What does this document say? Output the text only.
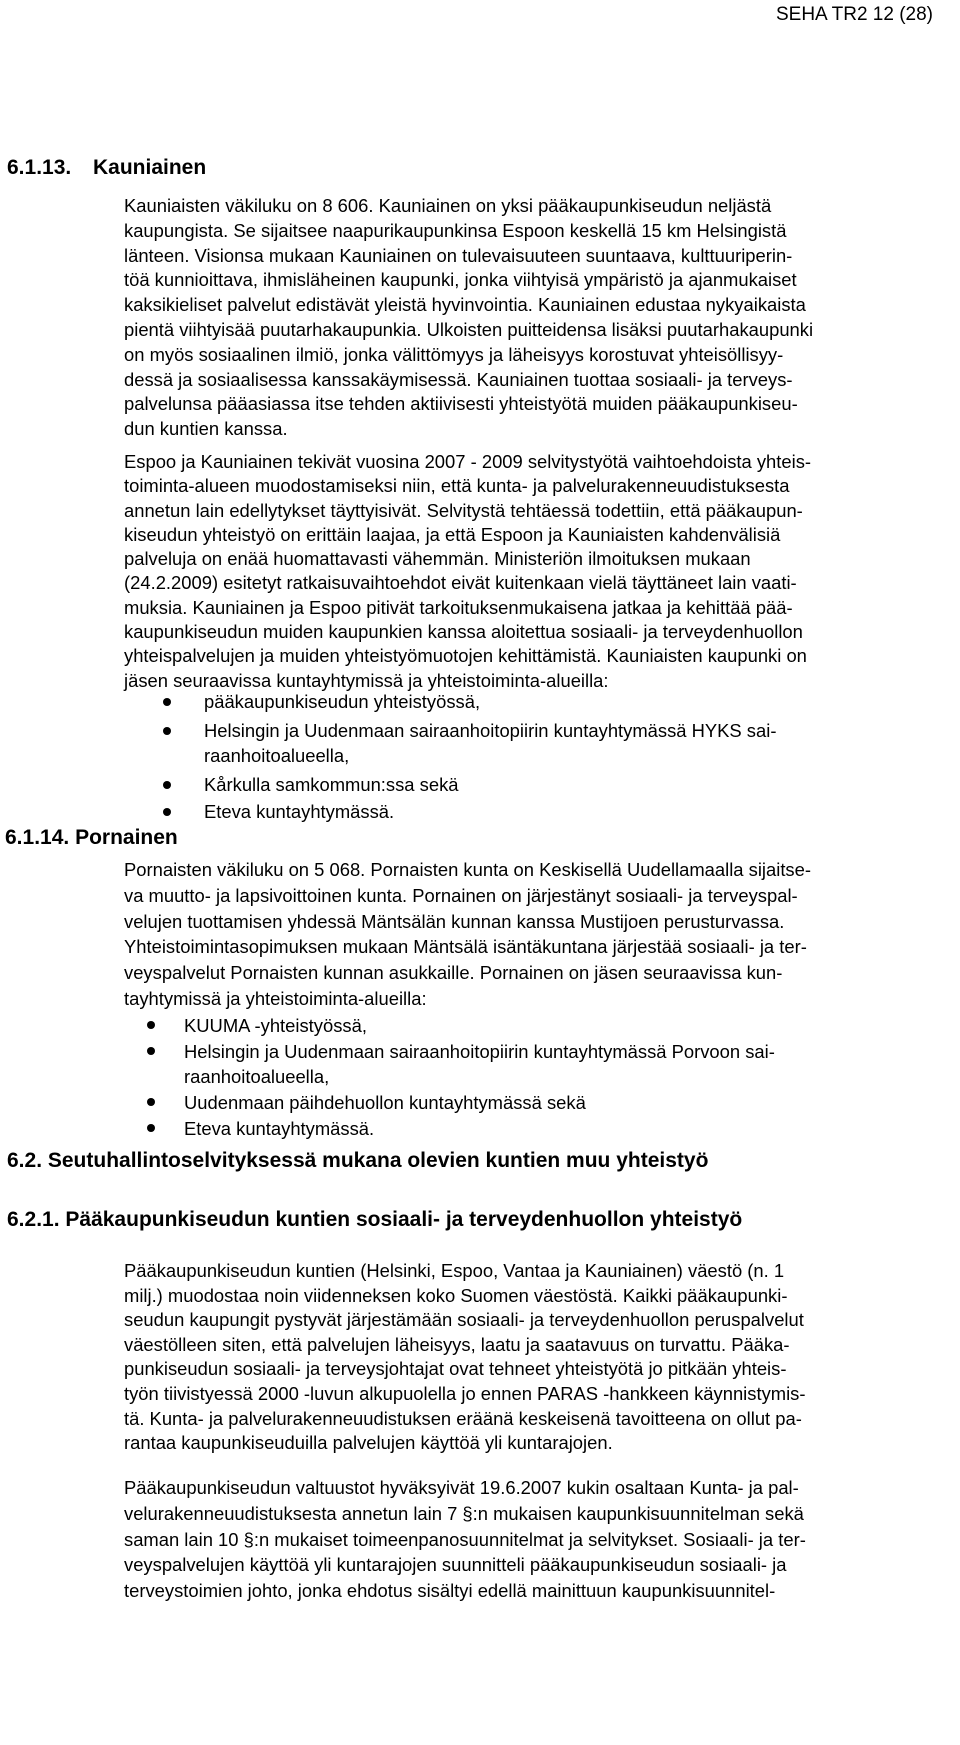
SEHA TR2 12 (28)
6.1.13. Kauniainen
Kauniaisten väkiluku on 8 606. Kauniainen on yksi pääkaupunkiseudun neljästä
kaupungista. Se sijaitsee naapurikaupunkinsa Espoon keskellä 15 km Helsingistä
länteen. Visionsa mukaan Kauniainen on tulevaisuuteen suuntaava, kulttuuriperin-
töä kunnioittava, ihmisläheinen kaupunki, jonka viihtyisä ympäristö ja ajanmukaiset
kaksikieliset palvelut edistävät yleistä hyvinvointia. Kauniainen edustaa nykyaikaista
pientä viihtyisää puutarhakaupunkia. Ulkoisten puitteidensa lisäksi puutarhakaupunki
on myös sosiaalinen ilmiö, jonka välittömyys ja läheisyys korostuvat yhteisöllisyy-
dessä ja sosiaalisessa kanssakäymisessä. Kauniainen tuottaa sosiaali- ja terveys-
palvelunsa pääasiassa itse tehden aktiivisesti yhteistyötä muiden pääkaupunkiseu-
dun kuntien kanssa.
Espoo ja Kauniainen tekivät vuosina 2007 - 2009 selvitystyötä vaihtoehdoista yhteis-
toiminta-alueen muodostamiseksi niin, että kunta- ja palvelurakenneuudistuksesta
annetun lain edellytykset täyttyisivät. Selvitystä tehtäessä todettiin, että pääkaupun-
kiseudun yhteistyö on erittäin laajaa, ja että Espoon ja Kauniaisten kahdenvälisiä
palveluja on enää huomattavasti vähemmän. Ministeriön ilmoituksen mukaan
(24.2.2009) esitetyt ratkaisuvaihtoehdot eivät kuitenkaan vielä täyttäneet lain vaati-
muksia. Kauniainen ja Espoo pitivät tarkoituksenmukaisena jatkaa ja kehittää pää-
kaupunkiseudun muiden kaupunkien kanssa aloitettua sosiaali- ja terveydenhuollon
yhteispalvelujen ja muiden yhteistyömuotojen kehittämistä. Kauniaisten kaupunki on
jäsen seuraavissa kuntayhtymissä ja yhteistoiminta-alueilla:
pääkaupunkiseudun yhteistyössä,
Helsingin ja Uudenmaan sairaanhoitopiirin kuntayhtymässä HYKS sai-
raanhoitoalueella,
Kårkulla samkommun:ssa sekä
Eteva kuntayhtymässä.
6.1.14. Pornainen
Pornaisten väkiluku on 5 068. Pornaisten kunta on Keskisellä Uudellamaalla sijaitse-
va muutto- ja lapsivoittoinen kunta. Pornainen on järjestänyt sosiaali- ja terveyspal-
velujen tuottamisen yhdessä Mäntsälän kunnan kanssa Mustijoen perusturvassa.
Yhteistoimintasopimuksen mukaan Mäntsälä isäntäkuntana järjestää sosiaali- ja ter-
veyspalvelut Pornaisten kunnan asukkaille. Pornainen on jäsen seuraavissa kun-
tayhtymissä ja yhteistoiminta-alueilla:
KUUMA -yhteistyössä,
Helsingin ja Uudenmaan sairaanhoitopiirin kuntayhtymässä Porvoon sai-
raanhoitoalueella,
Uudenmaan päihdehuollon kuntayhtymässä sekä
Eteva kuntayhtymässä.
6.2. Seutuhallintoselvityksessä mukana olevien kuntien muu yhteistyö
6.2.1. Pääkaupunkiseudun kuntien sosiaali- ja terveydenhuollon yhteistyö
Pääkaupunkiseudun kuntien (Helsinki, Espoo, Vantaa ja Kauniainen) väestö (n. 1
milj.) muodostaa noin viidenneksen koko Suomen väestöstä. Kaikki pääkaupunki-
seudun kaupungit pystyvät järjestämään sosiaali- ja terveydenhuollon peruspalvelut
väestölleen siten, että palvelujen läheisyys, laatu ja saatavuus on turvattu. Pääka-
punkiseudun sosiaali- ja terveysjohtajat ovat tehneet yhteistyötä jo pitkään yhteis-
työn tiivistyessä 2000 -luvun alkupuolella jo ennen PARAS -hankkeen käynnistymis-
tä. Kunta- ja palvelurakenneuudistuksen eräänä keskeisenä tavoitteena on ollut pa-
rantaa kaupunkiseuduilla palvelujen käyttöä yli kuntarajojen.
Pääkaupunkiseudun valtuustot hyväksyivät 19.6.2007 kukin osaltaan Kunta- ja pal-
velurakenneuudistuksesta annetun lain 7 §:n mukaisen kaupunkisuunnitelman sekä
saman lain 10 §:n mukaiset toimeenpanosuunnitelmat ja selvitykset. Sosiaali- ja ter-
veyspalvelujen käyttöä yli kuntarajojen suunnitteli pääkaupunkiseudun sosiaali- ja
terveystoimien johto, jonka ehdotus sisältyi edellä mainittuun kaupunkisuunnitel-
